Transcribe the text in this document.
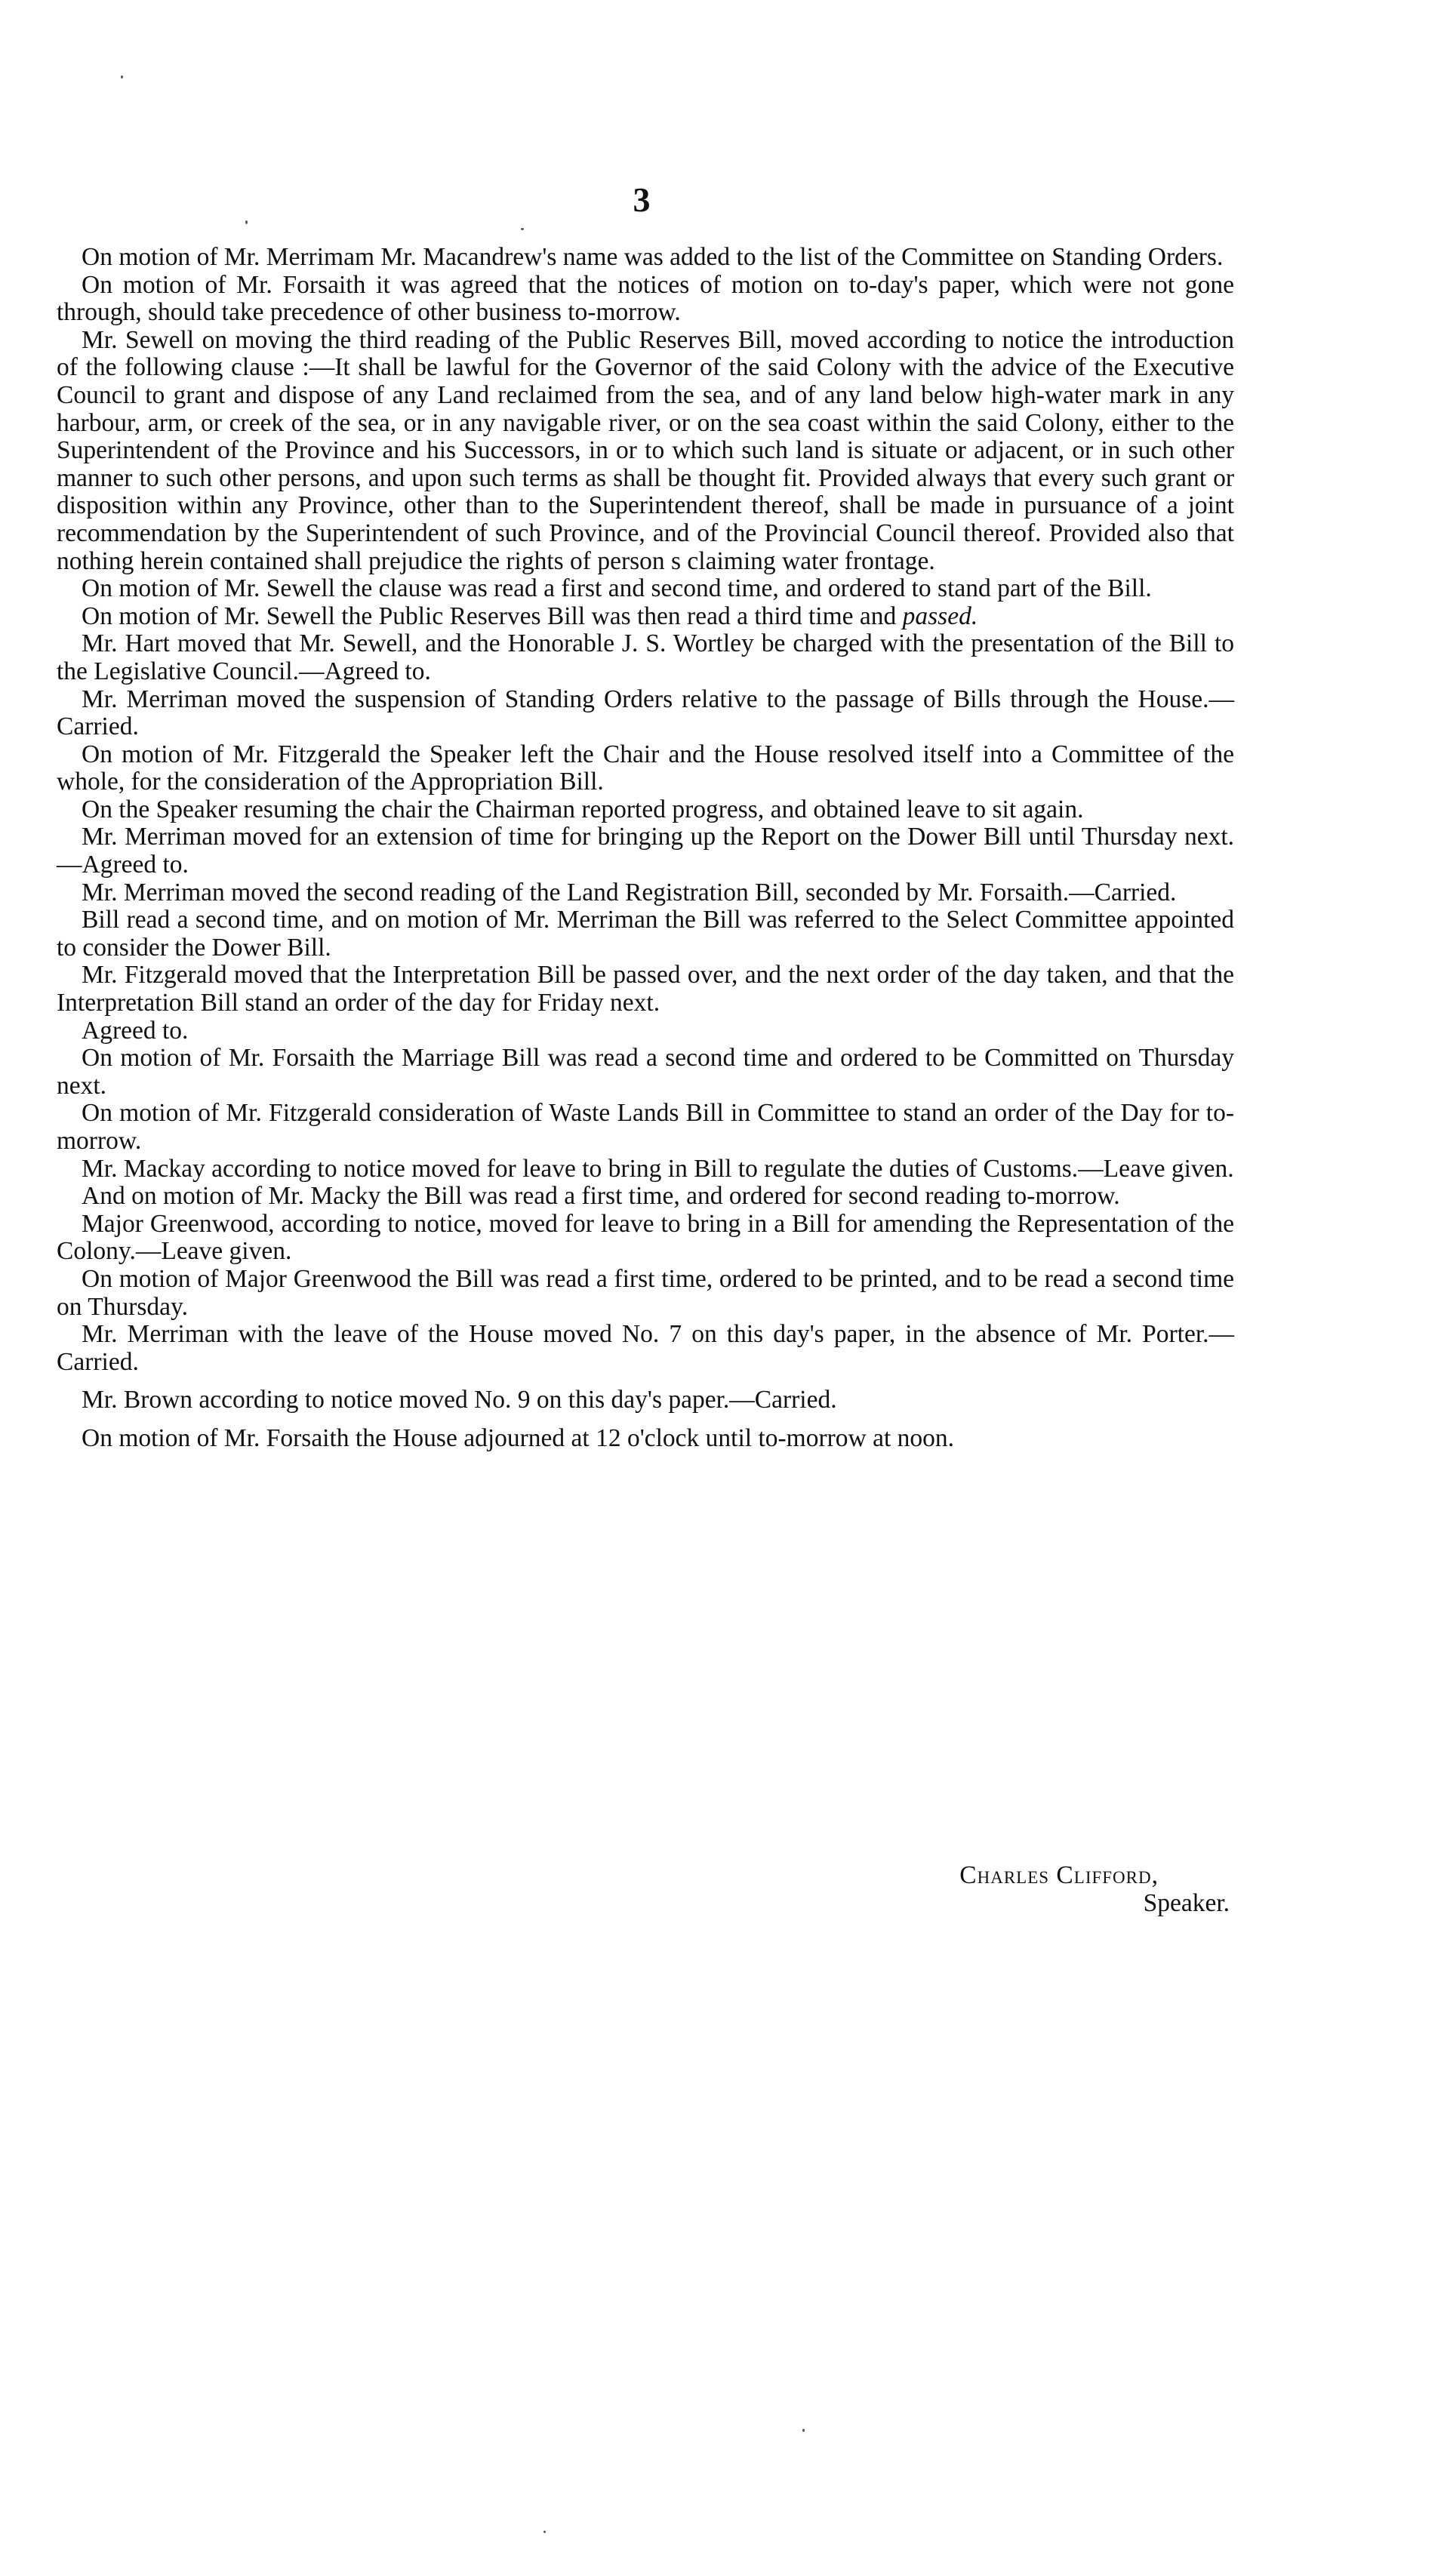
3

On motion of Mr. Merrimam Mr. Macandrew's name was added to the list of the Committee on Standing Orders.

On motion of Mr. Forsaith it was agreed that the notices of motion on to-day's paper, which were not gone through, should take precedence of other business to-morrow.

Mr. Sewell on moving the third reading of the Public Reserves Bill, moved according to notice the introduction of the following clause :—It shall be lawful for the Governor of the said Colony with the advice of the Executive Council to grant and dispose of any Land reclaimed from the sea, and of any land below high-water mark in any harbour, arm, or creek of the sea, or in any navigable river, or on the sea coast within the said Colony, either to the Superintendent of the Province and his Successors, in or to which such land is situate or adjacent, or in such other manner to such other persons, and upon such terms as shall be thought fit. Provided always that every such grant or disposition within any Province, other than to the Superintendent thereof, shall be made in pursuance of a joint recommendation by the Superintendent of such Province, and of the Provincial Council thereof. Provided also that nothing herein contained shall prejudice the rights of person s claiming water frontage.

On motion of Mr. Sewell the clause was read a first and second time, and ordered to stand part of the Bill.

On motion of Mr. Sewell the Public Reserves Bill was then read a third time and passed.

Mr. Hart moved that Mr. Sewell, and the Honorable J. S. Wortley be charged with the presentation of the Bill to the Legislative Council.—Agreed to.

Mr. Merriman moved the suspension of Standing Orders relative to the passage of Bills through the House.—Carried.

On motion of Mr. Fitzgerald the Speaker left the Chair and the House resolved itself into a Committee of the whole, for the consideration of the Appropriation Bill.

On the Speaker resuming the chair the Chairman reported progress, and obtained leave to sit again.

Mr. Merriman moved for an extension of time for bringing up the Report on the Dower Bill until Thursday next.—Agreed to.

Mr. Merriman moved the second reading of the Land Registration Bill, seconded by Mr. Forsaith.—Carried.

Bill read a second time, and on motion of Mr. Merriman the Bill was referred to the Select Committee appointed to consider the Dower Bill.

Mr. Fitzgerald moved that the Interpretation Bill be passed over, and the next order of the day taken, and that the Interpretation Bill stand an order of the day for Friday next.

Agreed to.

On motion of Mr. Forsaith the Marriage Bill was read a second time and ordered to be Committed on Thursday next.

On motion of Mr. Fitzgerald consideration of Waste Lands Bill in Committee to stand an order of the Day for to-morrow.

Mr. Mackay according to notice moved for leave to bring in Bill to regulate the duties of Customs.—Leave given.

And on motion of Mr. Macky the Bill was read a first time, and ordered for second reading to-morrow.

Major Greenwood, according to notice, moved for leave to bring in a Bill for amending the Representation of the Colony.—Leave given.

On motion of Major Greenwood the Bill was read a first time, ordered to be printed, and to be read a second time on Thursday.

Mr. Merriman with the leave of the House moved No. 7 on this day's paper, in the absence of Mr. Porter.—Carried.

Mr. Brown according to notice moved No. 9 on this day's paper.—Carried.

On motion of Mr. Forsaith the House adjourned at 12 o'clock until to-morrow at noon.

Charles Clifford,
Speaker.
